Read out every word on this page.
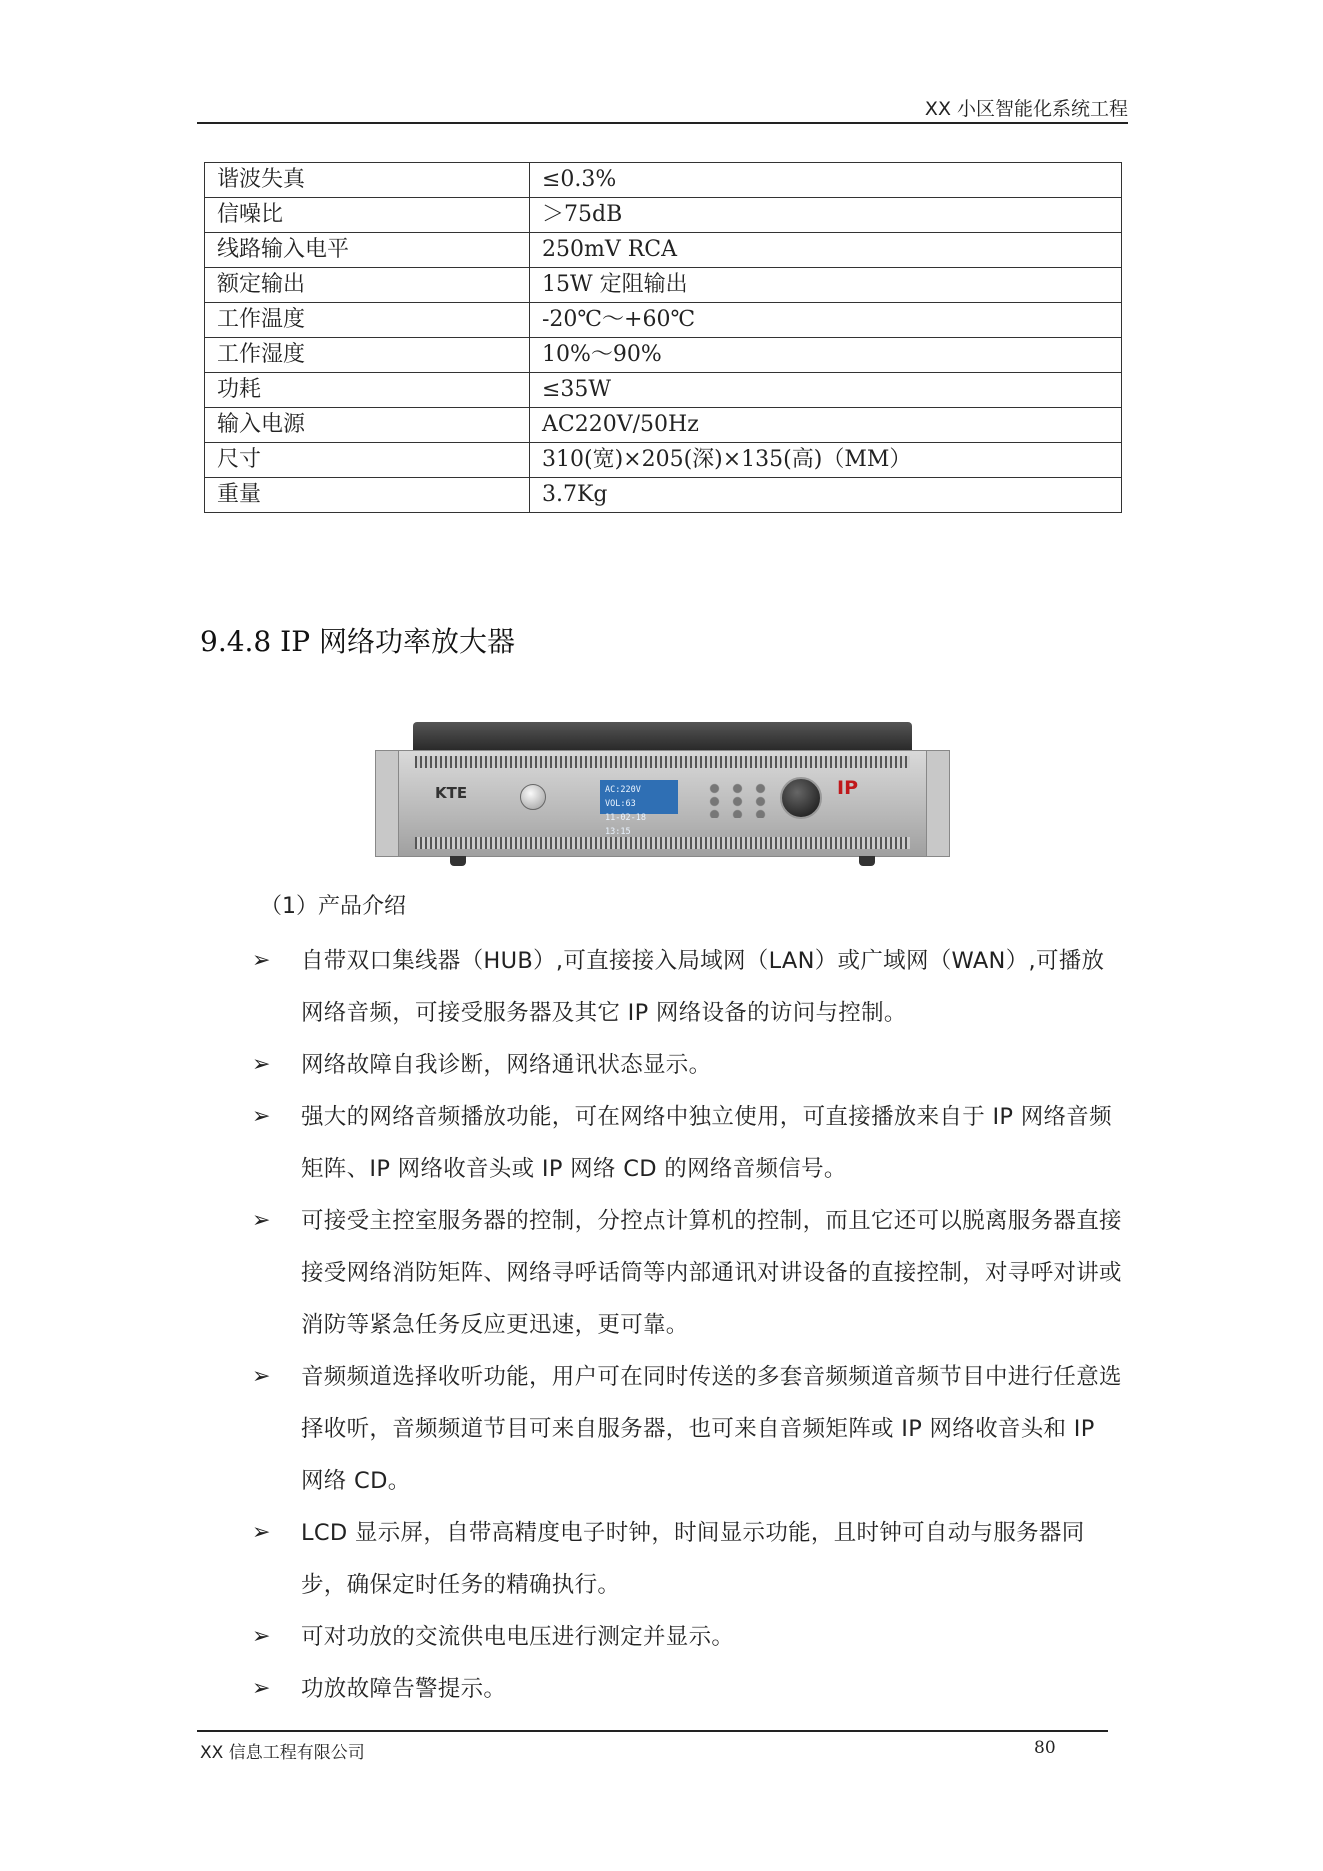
XX 小区智能化系统工程
谐波失真	≤0.3%
信噪比	＞75dB
线路输入电平	250mV RCA
额定输出	15W 定阻输出
工作温度	-20℃～+60℃
工作湿度	10%～90%
功耗	≤35W
输入电源	AC220V/50Hz
尺寸	310(宽)×205(深)×135(高)（MM）
重量	3.7Kg
9.4.8 IP 网络功率放大器
KTE	AC:220V VOL:63
11-02-18 13:15
IP
（1）产品介绍
➢ 自带双口集线器（HUB）,可直接接入局域网（LAN）或广域网（WAN）,可播放网络音频，可接受服务器及其它 IP 网络设备的访问与控制。
➢ 网络故障自我诊断，网络通讯状态显示。
➢ 强大的网络音频播放功能，可在网络中独立使用，可直接播放来自于 IP 网络音频矩阵、IP 网络收音头或 IP 网络 CD 的网络音频信号。
➢ 可接受主控室服务器的控制，分控点计算机的控制，而且它还可以脱离服务器直接接受网络消防矩阵、网络寻呼话筒等内部通讯对讲设备的直接控制，对寻呼对讲或消防等紧急任务反应更迅速，更可靠。
➢ 音频频道选择收听功能，用户可在同时传送的多套音频频道音频节目中进行任意选择收听，音频频道节目可来自服务器，也可来自音频矩阵或 IP 网络收音头和 IP 网络 CD。
➢ LCD 显示屏，自带高精度电子时钟，时间显示功能，且时钟可自动与服务器同步，确保定时任务的精确执行。
➢ 可对功放的交流供电电压进行测定并显示。
➢ 功放故障告警提示。
XX 信息工程有限公司	80
